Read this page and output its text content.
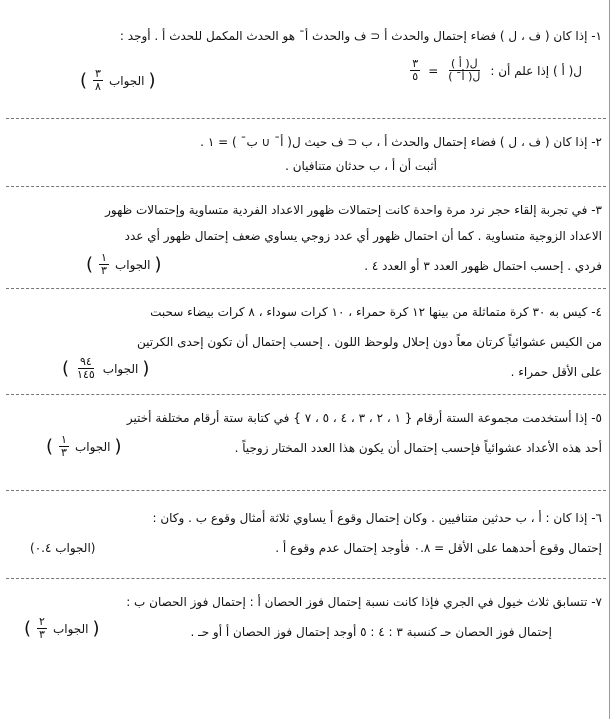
١- إذا كان ( ف ، ل ) فضاء إحتمال والحدث أ ⊂ ف والحدث أ¯ هو الحدث المكمل للحدث أ . أوجد :
ل( أ ) إذا علم أن :
$\frac{\text{ل( أ )}}{\text{ل( أ¯ )}}$
=
$\frac{٣}{٥}$
(
الجواب
$\frac{٣}{٨}$
)
٢- إذا كان ( ف ، ل ) فضاء إحتمال والحدث أ ، ب ⊂ ف حيث ل( أ¯ ∪ ب¯ ) = ١ .
أثبت أن أ ، ب حدثان متنافيان .
٣- في تجربة إلقاء حجر نرد مرة واحدة كانت إحتمالات ظهور الاعداد الفردية متساوية وإحتمالات ظهور
الاعداد الزوجية متساوية . كما أن احتمال ظهور أي عدد زوجي يساوي ضعف إحتمال ظهور أي عدد
فردي . إحسب احتمال ظهور العدد ٣ أو العدد ٤ .
(
الجواب
$\frac{١}{٣}$
)
٤- كيس به ٣٠ كرة متماثلة من بينها ١٢ كرة حمراء ، ١٠ كرات سوداء ، ٨ كرات بيضاء سحبت
من الكيس عشوائياً كرتان معاً دون إحلال ولوحظ اللون . إحسب إحتمال أن تكون إحدى الكرتين
على الأقل حمراء .
(
الجواب
$\frac{٩٤}{١٤٥}$
)
٥- إذا أستخدمت مجموعة الستة أرقام { ١ ، ٢ ، ٣ ، ٤ ، ٥ ، ٧ } في كتابة ستة أرقام مختلفة أختير
أحد هذه الأعداد عشوائياً فإحسب إحتمال أن يكون هذا العدد المختار زوجياً .
(
الجواب
$\frac{١}{٣}$
)
٦- إذا كان : أ ، ب حدثين متنافيين . وكان إحتمال وقوع أ يساوي ثلاثة أمثال وقوع ب . وكان :
إحتمال وقوع أحدهما على الأقل = ٠.٨ فأوجد إحتمال عدم وقوع أ .
(الجواب ٠.٤)
٧- تتسابق ثلاث خيول في الجري فإذا كانت نسبة إحتمال فوز الحصان أ : إحتمال فوز الحصان ب :
إحتمال فوز الحصان حـ كنسبة ٣ : ٤ : ٥ أوجد إحتمال فوز الحصان أ أو حـ .
(
الجواب
$\frac{٢}{٣}$
)
